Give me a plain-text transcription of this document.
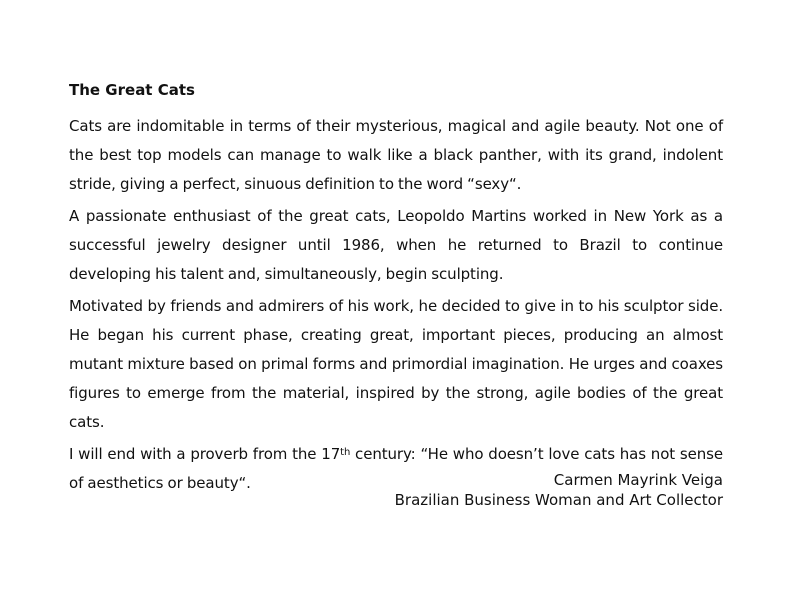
The Great Cats

Cats are indomitable in terms of their mysterious, magical and agile beauty. Not one of the best top models can manage to walk like a black panther, with its grand, indolent stride, giving a perfect, sinuous definition to the word “sexy“.

A passionate enthusiast of the great cats, Leopoldo Martins worked in New York as a successful jewelry designer until 1986, when he returned to Brazil to continue developing his talent and, simultaneously, begin sculpting.

Motivated by friends and admirers of his work, he decided to give in to his sculptor side. He began his current phase, creating great, important pieces, producing an almost mutant mixture based on primal forms and primordial imagination. He urges and coaxes figures to emerge from the material, inspired by the strong, agile bodies of the great cats.

I will end with a proverb from the 17th century: “He who doesn’t love cats has not sense of aesthetics or beauty“.	Carmen Mayrink Veiga
Brazilian Business Woman and Art Collector
